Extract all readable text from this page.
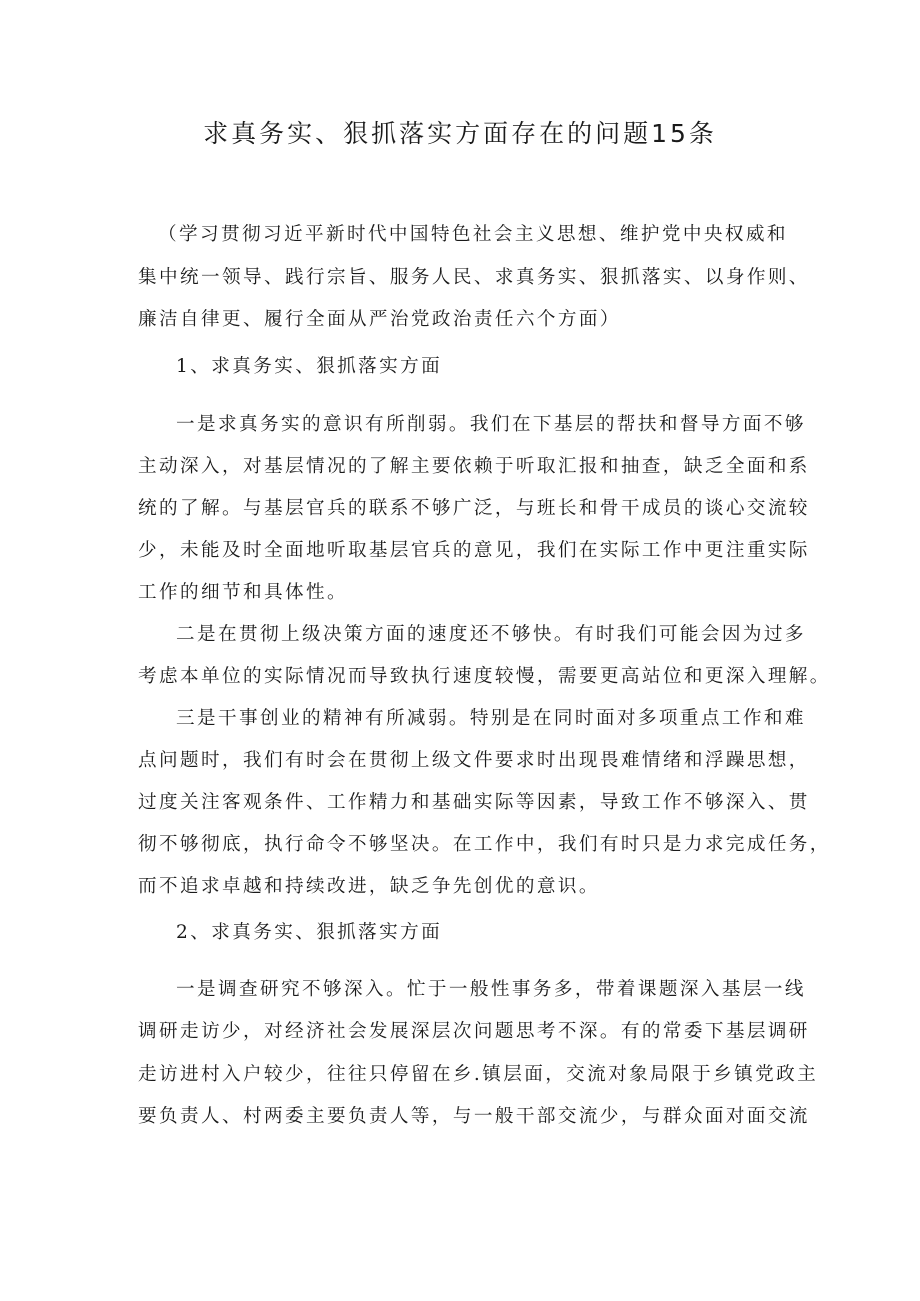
求真务实、狠抓落实方面存在的问题15条
（学习贯彻习近平新时代中国特色社会主义思想、维护党中央权威和
集中统一领导、践行宗旨、服务人民、求真务实、狠抓落实、以身作则、
廉洁自律更、履行全面从严治党政治责任六个方面）
1、求真务实、狠抓落实方面
一是求真务实的意识有所削弱。我们在下基层的帮扶和督导方面不够
主动深入，对基层情况的了解主要依赖于听取汇报和抽查，缺乏全面和系
统的了解。与基层官兵的联系不够广泛，与班长和骨干成员的谈心交流较
少，未能及时全面地听取基层官兵的意见，我们在实际工作中更注重实际
工作的细节和具体性。
二是在贯彻上级决策方面的速度还不够快。有时我们可能会因为过多
考虑本单位的实际情况而导致执行速度较慢，需要更高站位和更深入理解。
三是干事创业的精神有所减弱。特别是在同时面对多项重点工作和难
点问题时，我们有时会在贯彻上级文件要求时出现畏难情绪和浮躁思想，
过度关注客观条件、工作精力和基础实际等因素，导致工作不够深入、贯
彻不够彻底，执行命令不够坚决。在工作中，我们有时只是力求完成任务，
而不追求卓越和持续改进，缺乏争先创优的意识。
2、求真务实、狠抓落实方面
一是调查研究不够深入。忙于一般性事务多，带着课题深入基层一线
调研走访少，对经济社会发展深层次问题思考不深。有的常委下基层调研
走访进村入户较少，往往只停留在乡.镇层面，交流对象局限于乡镇党政主
要负责人、村两委主要负责人等，与一般干部交流少，与群众面对面交流
